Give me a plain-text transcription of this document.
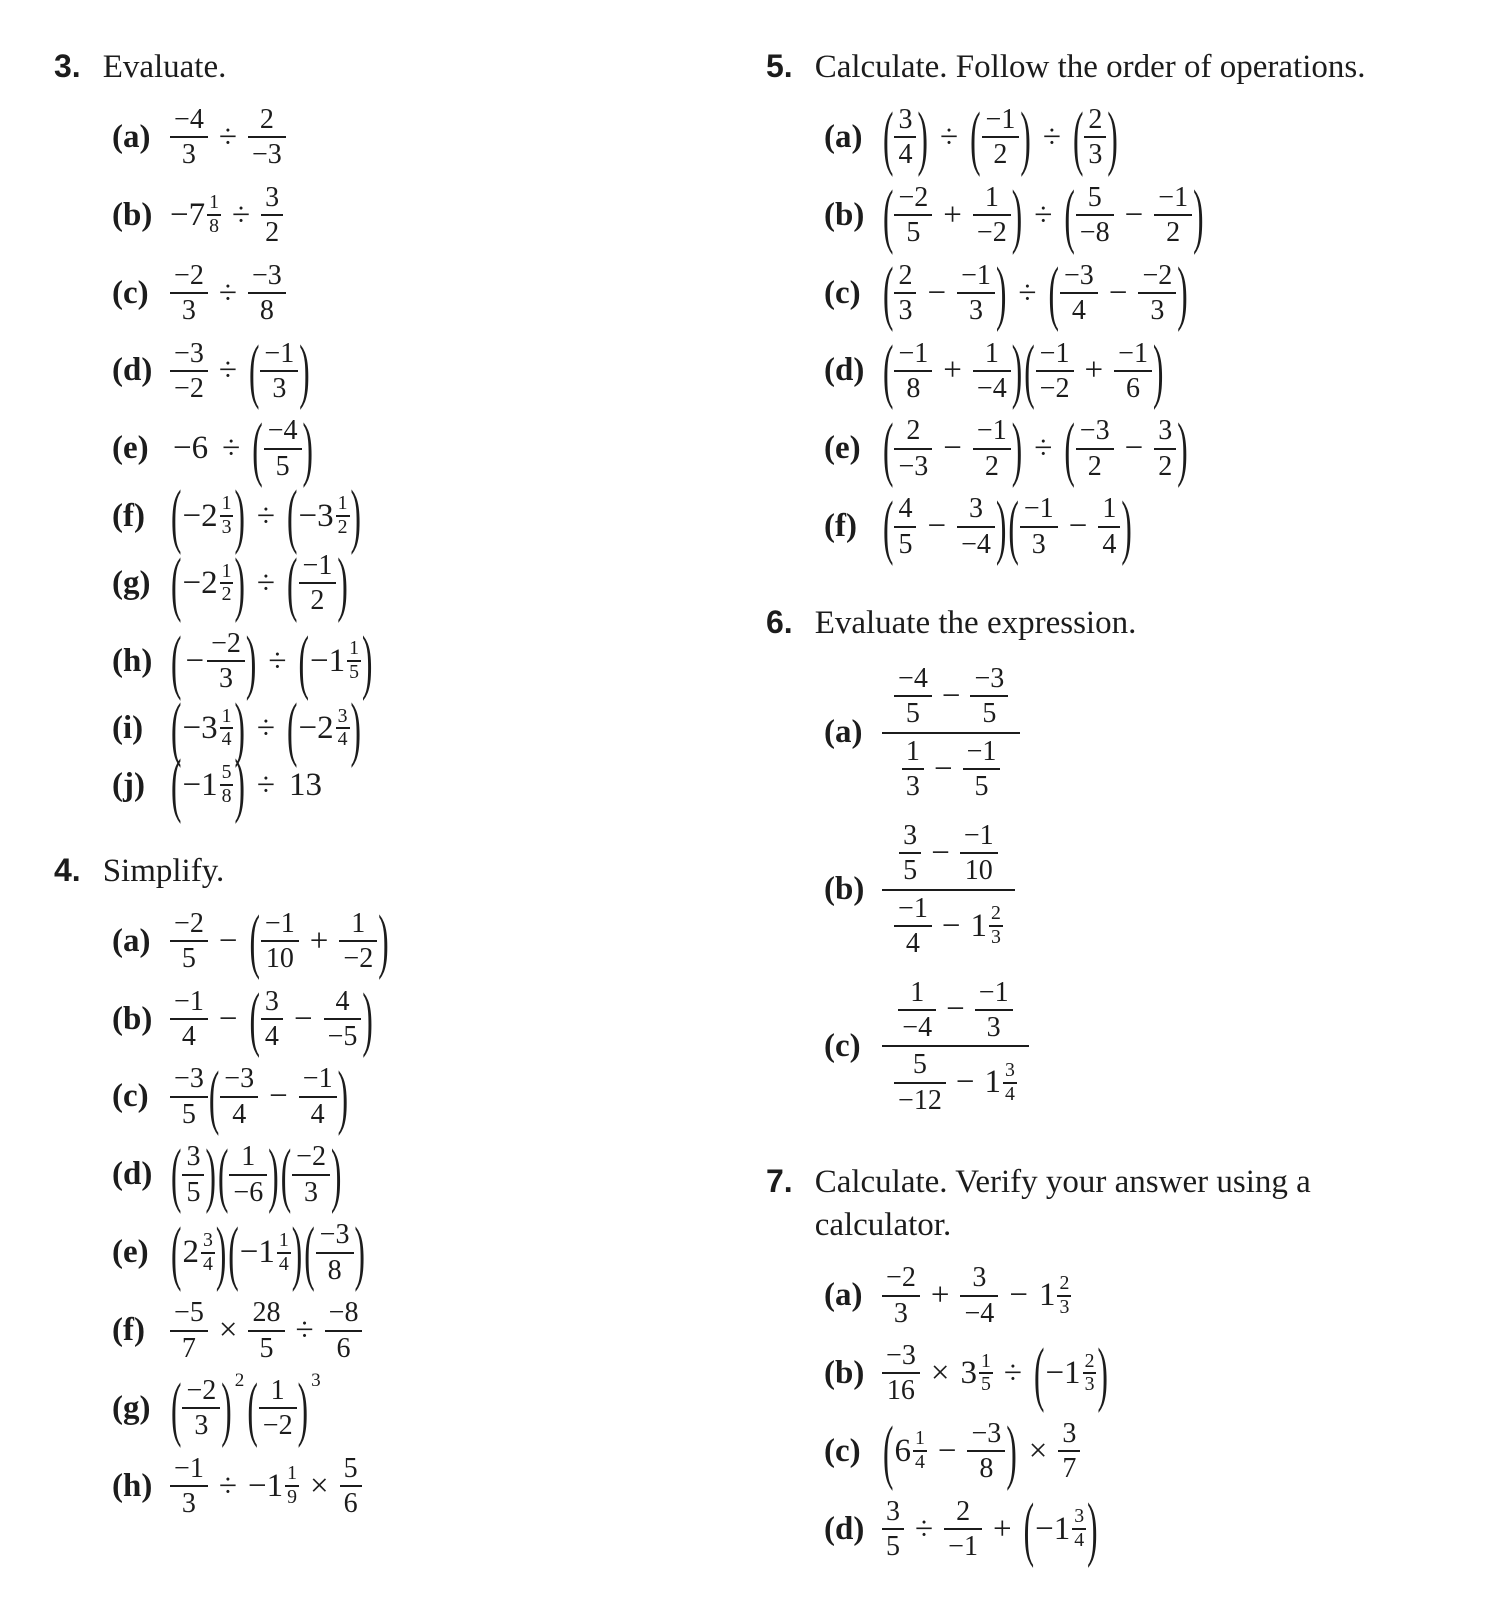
3. Evaluate.
$(a) \frac{-4}{3} \div \frac{2}{-3}$
$(b) -7 \frac{1}{8} \div \frac{3}{2}$
$(c) \frac{-2}{3} \div \frac{-3}{8}$
$(d) \frac{-3}{-2}$ ÷ ( $\frac{-1}{3}$ )
(e) −6 ÷ ( $\frac{-4}{5}$ )
(f) ( $-2 \frac{1}{3}$ ) ÷ ( $-3 \frac{1}{2}$ )
(g) ( $-2 \frac{1}{2}$ ) ÷ ( $\frac{-1}{2}$ )
(h) ( − $\frac{-2}{3}$ ) ÷ ( $-1 \frac{1}{5}$ )
(i) ( $-3 \frac{1}{4}$ ) ÷ ( $-2 \frac{3}{4}$ )
(j) ( $-1 \frac{5}{8}$ ) ÷ 13
4. Simplify.
$(a) \frac{-2}{5}$ − ( $\frac{-1}{10} + \frac{1}{-2}$ )
$(b) \frac{-1}{4}$ − ( $\frac{3}{4} - \frac{4}{-5}$ )
$(c) \frac{-3}{5}$ ( $\frac{-3}{4} - \frac{-1}{4}$ )
(d) ( $\frac{3}{5}$ ) ( $\frac{1}{-6}$ ) ( $\frac{-2}{3}$ )
(e) ( $2 \frac{3}{4}$ ) ( $-1 \frac{1}{4}$ ) ( $\frac{-3}{8}$ )
$(f) \frac{-5}{7} \times \frac{28}{5} \div \frac{-8}{6}$
(g) ( $\frac{-2}{3}$ ) 2 ( $\frac{1}{-2}$ ) 3
$(h) \frac{-1}{3} \div -1 \frac{1}{9} \times \frac{5}{6}$
5. Calculate. Follow the order of operations.
(a) ( $\frac{3}{4}$ ) ÷ ( $\frac{-1}{2}$ ) ÷ ( $\frac{2}{3}$ )
(b) ( $\frac{-2}{5} + \frac{1}{-2}$ ) ÷ ( $\frac{5}{-8} - \frac{-1}{2}$ )
(c) ( $\frac{2}{3} - \frac{-1}{3}$ ) ÷ ( $\frac{-3}{4} - \frac{-2}{3}$ )
(d) ( $\frac{-1}{8} + \frac{1}{-4}$ ) ( $\frac{-1}{-2} + \frac{-1}{6}$ )
(e) ( $\frac{2}{-3} - \frac{-1}{2}$ ) ÷ ( $\frac{-3}{2} - \frac{3}{2}$ )
(f) ( $\frac{4}{5} - \frac{3}{-4}$ ) ( $\frac{-1}{3} - \frac{1}{4}$ )
6. Evaluate the expression.
$(a) \frac{\frac{-4}{5} - \frac{-3}{5}}{\frac{1}{3} - \frac{-1}{5}}$
$(b) \frac{\frac{3}{5} - \frac{-1}{10}}{\frac{-1}{4} - 1 \frac{2}{3}}$
$(c) \frac{\frac{1}{-4} - \frac{-1}{3}}{\frac{5}{-12} - 1 \frac{3}{4}}$
7. Calculate. Verify your answer using a calculator.
$(a) \frac{-2}{3} + \frac{3}{-4} - 1 \frac{2}{3}$
$(b) \frac{-3}{16} \times 3 \frac{1}{5}$ ÷ ( $-1 \frac{2}{3}$ )
(c) ( $6 \frac{1}{4} - \frac{-3}{8}$ ) × $\frac{3}{7}$
$(d) \frac{3}{5} \div \frac{2}{-1}$ + ( $-1 \frac{3}{4}$ )
